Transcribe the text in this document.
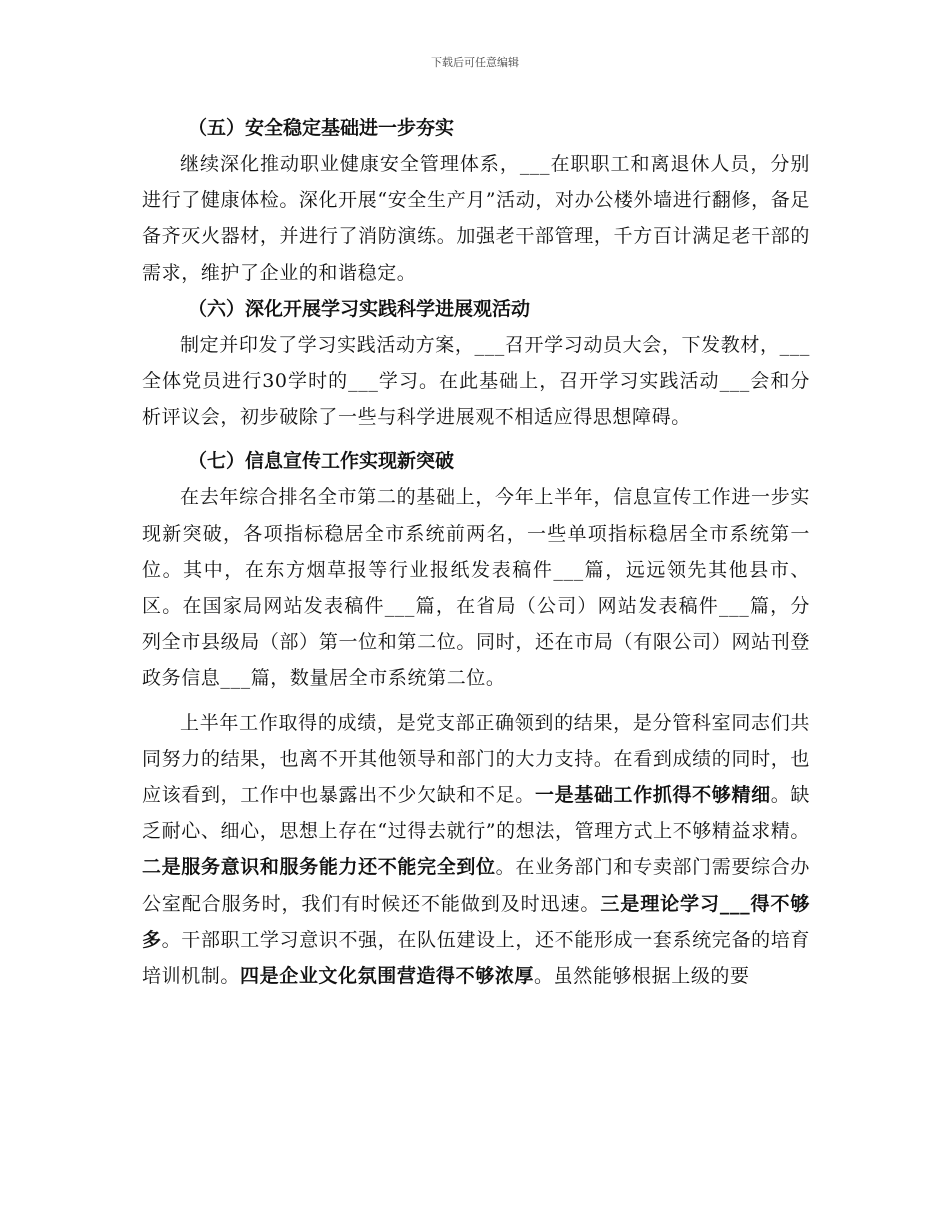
下载后可任意编辑
（五）安全稳定基础进一步夯实

继续深化推动职业健康安全管理体系，___在职职工和离退休人员，分别进行了健康体检。深化开展“安全生产月”活动，对办公楼外墙进行翻修，备足备齐灭火器材，并进行了消防演练。加强老干部管理，千方百计满足老干部的需求，维护了企业的和谐稳定。

（六）深化开展学习实践科学进展观活动

制定并印发了学习实践活动方案，___召开学习动员大会，下发教材，___全体党员进行30学时的___学习。在此基础上，召开学习实践活动___会和分析评议会，初步破除了一些与科学进展观不相适应得思想障碍。

（七）信息宣传工作实现新突破

在去年综合排名全市第二的基础上，今年上半年，信息宣传工作进一步实现新突破，各项指标稳居全市系统前两名，一些单项指标稳居全市系统第一位。其中，在东方烟草报等行业报纸发表稿件___篇，远远领先其他县市、区。在国家局网站发表稿件___篇，在省局（公司）网站发表稿件___篇，分列全市县级局（部）第一位和第二位。同时，还在市局（有限公司）网站刊登政务信息___篇，数量居全市系统第二位。

上半年工作取得的成绩，是党支部正确领到的结果，是分管科室同志们共同努力的结果，也离不开其他领导和部门的大力支持。在看到成绩的同时，也应该看到，工作中也暴露出不少欠缺和不足。一是基础工作抓得不够精细。缺乏耐心、细心，思想上存在“过得去就行”的想法，管理方式上不够精益求精。二是服务意识和服务能力还不能完全到位。在业务部门和专卖部门需要综合办公室配合服务时，我们有时候还不能做到及时迅速。三是理论学习___得不够多。干部职工学习意识不强，在队伍建设上，还不能形成一套系统完备的培育培训机制。四是企业文化氛围营造得不够浓厚。虽然能够根据上级的要
